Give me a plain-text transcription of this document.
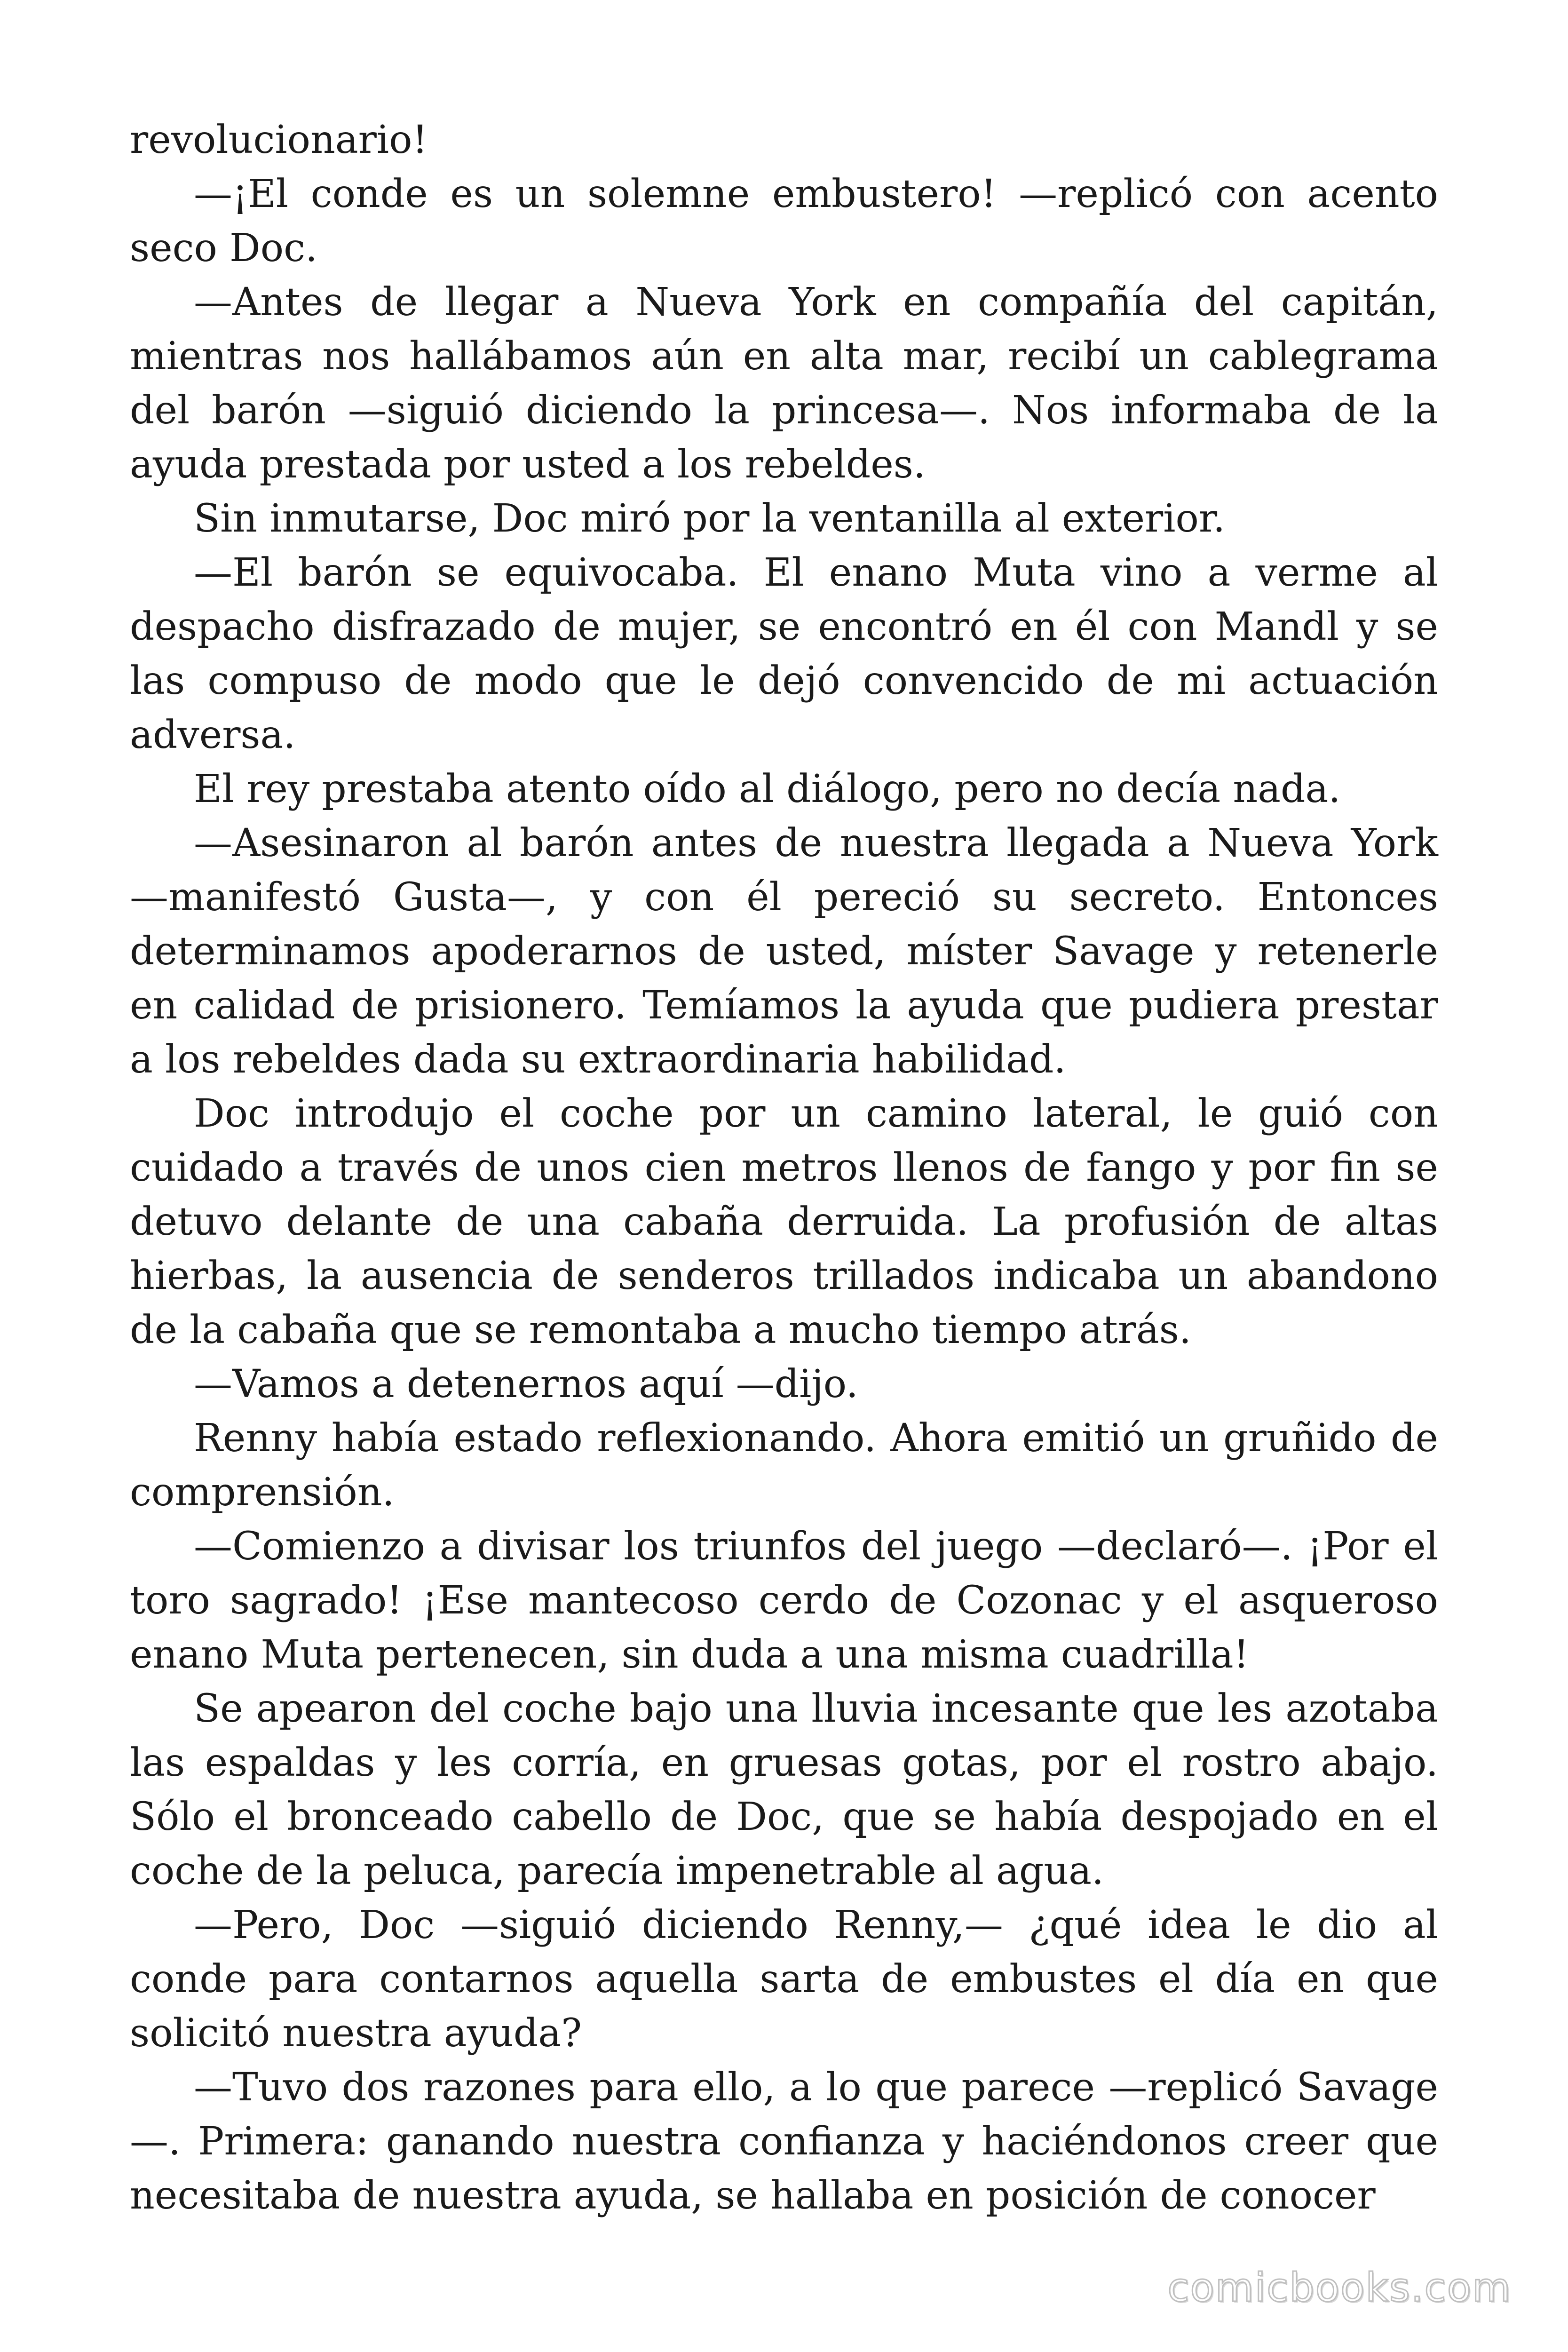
revolucionario!

—¡El conde es un solemne embustero! —replicó con acento seco Doc.

—Antes de llegar a Nueva York en compañía del capitán, mientras nos hallábamos aún en alta mar, recibí un cablegrama del barón —siguió diciendo la princesa—. Nos informaba de la ayuda prestada por usted a los rebeldes.

Sin inmutarse, Doc miró por la ventanilla al exterior.

—El barón se equivocaba. El enano Muta vino a verme al despacho disfrazado de mujer, se encontró en él con Mandl y se las compuso de modo que le dejó convencido de mi actuación adversa.

El rey prestaba atento oído al diálogo, pero no decía nada.

—Asesinaron al barón antes de nuestra llegada a Nueva York —manifestó Gusta—, y con él pereció su secreto. Entonces determinamos apoderarnos de usted, míster Savage y retenerle en calidad de prisionero. Temíamos la ayuda que pudiera prestar a los rebeldes dada su extraordinaria habilidad.

Doc introdujo el coche por un camino lateral, le guió con cuidado a través de unos cien metros llenos de fango y por fin se detuvo delante de una cabaña derruida. La profusión de altas hierbas, la ausencia de senderos trillados indicaba un abandono de la cabaña que se remontaba a mucho tiempo atrás.

—Vamos a detenernos aquí —dijo.

Renny había estado reflexionando. Ahora emitió un gruñido de comprensión.

—Comienzo a divisar los triunfos del juego —declaró—. ¡Por el toro sagrado! ¡Ese mantecoso cerdo de Cozonac y el asqueroso enano Muta pertenecen, sin duda a una misma cuadrilla!

Se apearon del coche bajo una lluvia incesante que les azotaba las espaldas y les corría, en gruesas gotas, por el rostro abajo. Sólo el bronceado cabello de Doc, que se había despojado en el coche de la peluca, parecía impenetrable al agua.

—Pero, Doc —siguió diciendo Renny,— ¿qué idea le dio al conde para contarnos aquella sarta de embustes el día en que solicitó nuestra ayuda?

—Tuvo dos razones para ello, a lo que parece —replicó Savage —. Primera: ganando nuestra confianza y haciéndonos creer que necesitaba de nuestra ayuda, se hallaba en posición de conocer

comicbooks.com
